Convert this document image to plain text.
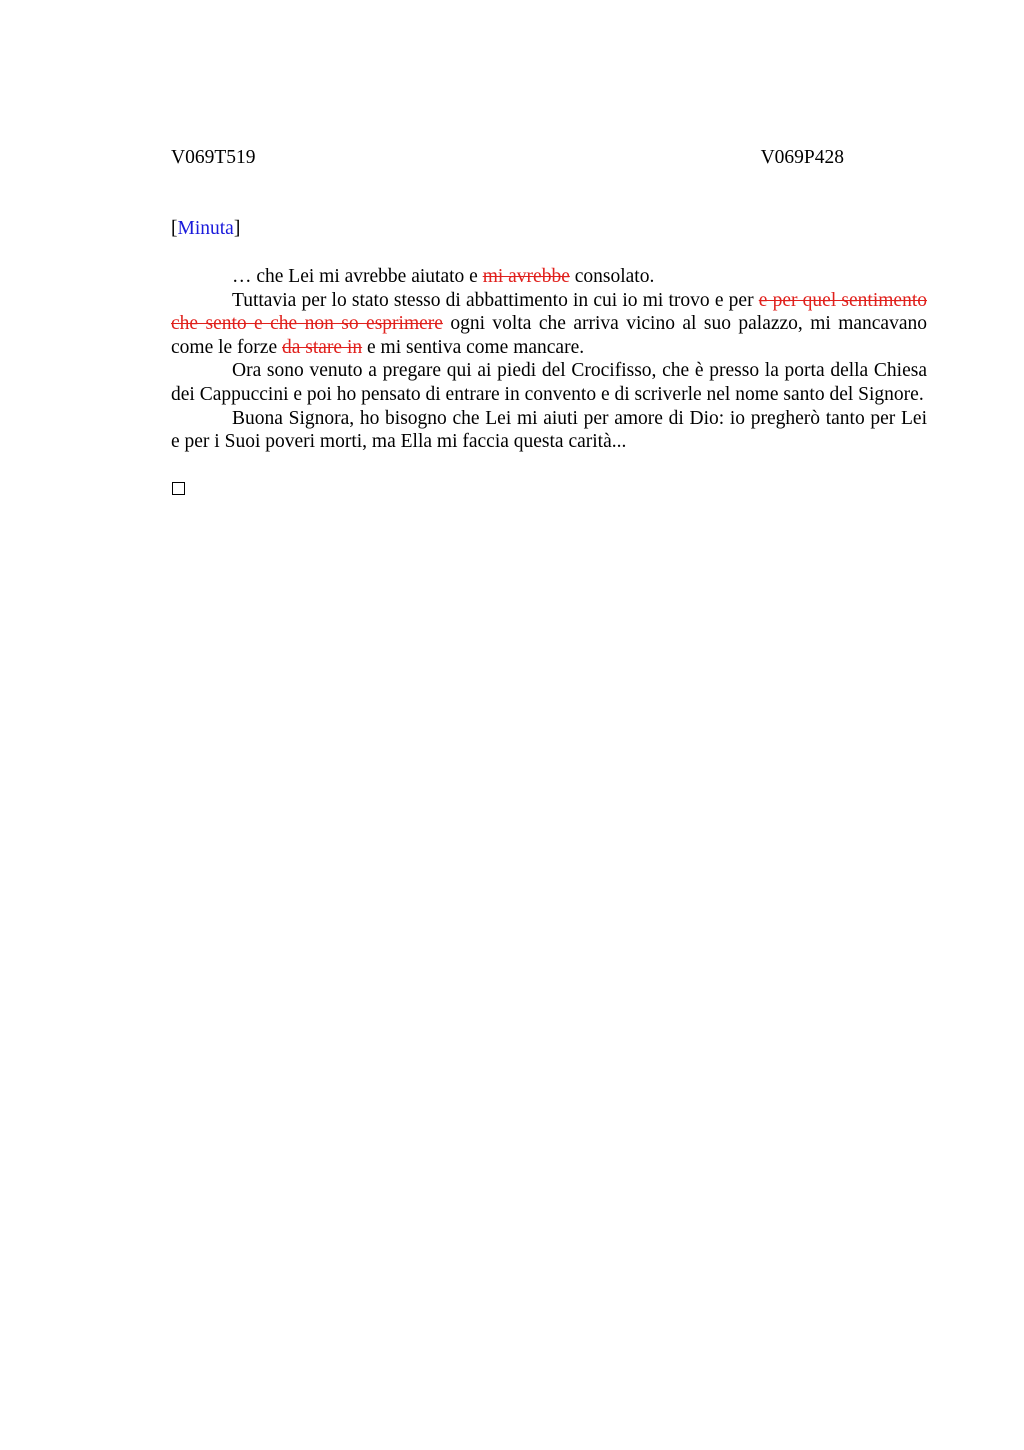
V069T519	V069P428
[Minuta]

… che Lei mi avrebbe aiutato e mi avrebbe consolato.

Tuttavia per lo stato stesso di abbattimento in cui io mi trovo e per e per quel sentimento che sento e che non so esprimere ogni volta che arriva vicino al suo palazzo, mi mancavano come le forze da stare in e mi sentiva come mancare.

Ora sono venuto a pregare qui ai piedi del Crocifisso, che è presso la porta della Chiesa dei Cappuccini e poi ho pensato di entrare in convento e di scriverle nel nome santo del Signore.

Buona Signora, ho bisogno che Lei mi aiuti per amore di Dio: io pregherò tanto per Lei e per i Suoi poveri morti, ma Ella mi faccia questa carità...
